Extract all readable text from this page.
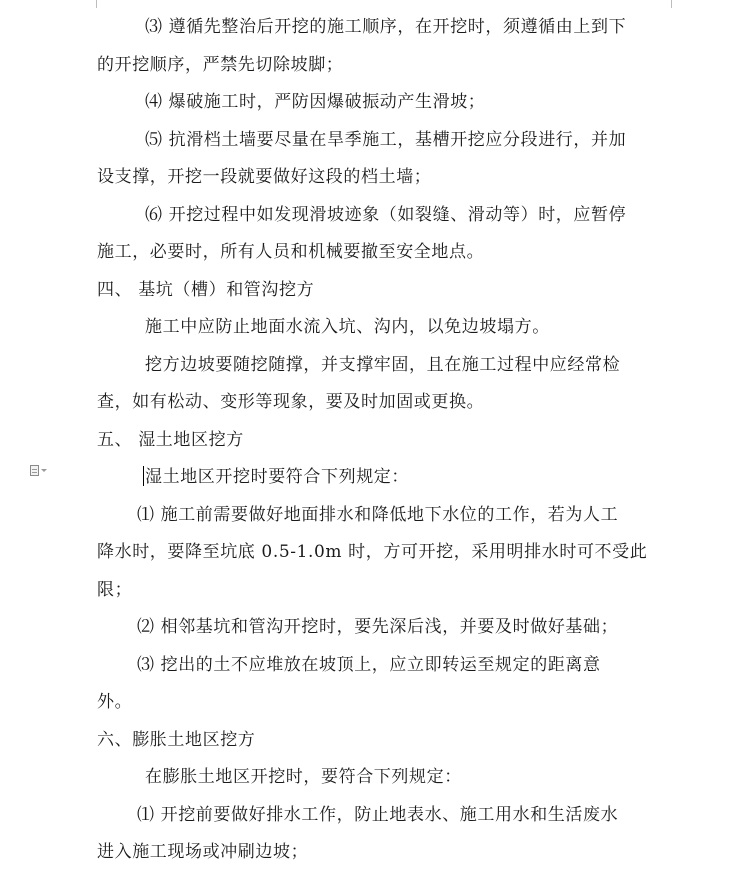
⑶ 遵循先整治后开挖的施工顺序，在开挖时，须遵循由上到下
的开挖顺序，严禁先切除坡脚；
⑷ 爆破施工时，严防因爆破振动产生滑坡；
⑸ 抗滑档土墙要尽量在旱季施工，基槽开挖应分段进行，并加
设支撑，开挖一段就要做好这段的档土墙；
⑹ 开挖过程中如发现滑坡迹象（如裂缝、滑动等）时，应暂停
施工，必要时，所有人员和机械要撤至安全地点。
四、 基坑（槽）和管沟挖方
施工中应防止地面水流入坑、沟内，以免边坡塌方。
挖方边坡要随挖随撑，并支撑牢固，且在施工过程中应经常检
查，如有松动、变形等现象，要及时加固或更换。
五、 湿土地区挖方
湿土地区开挖时要符合下列规定：
⑴ 施工前需要做好地面排水和降低地下水位的工作，若为人工
降水时，要降至坑底 0.5-1.0m 时，方可开挖，采用明排水时可不受此
限；
⑵ 相邻基坑和管沟开挖时，要先深后浅，并要及时做好基础；
⑶ 挖出的土不应堆放在坡顶上，应立即转运至规定的距离意
外。
六、膨胀土地区挖方
在膨胀土地区开挖时，要符合下列规定：
⑴ 开挖前要做好排水工作，防止地表水、施工用水和生活废水
进入施工现场或冲刷边坡；
